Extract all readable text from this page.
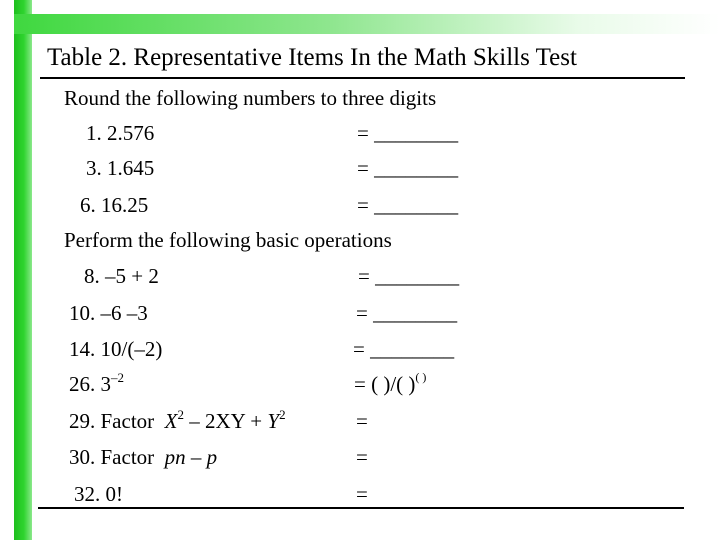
Table 2. Representative Items In the Math Skills Test
Round the following numbers to three digits
1. 2.576	= ________
3. 1.645	= ________
6. 16.25	= ________
Perform the following basic operations
8. –5 + 2	= ________
10. –6 –3	= ________
14. 10/(–2)	= ________
26. $3^{-2}$	= ( )/( )( )
29. Factor $X^2 - 2XY + Y^2$	=
30. Factor pn – p	=
32. 0!	=
